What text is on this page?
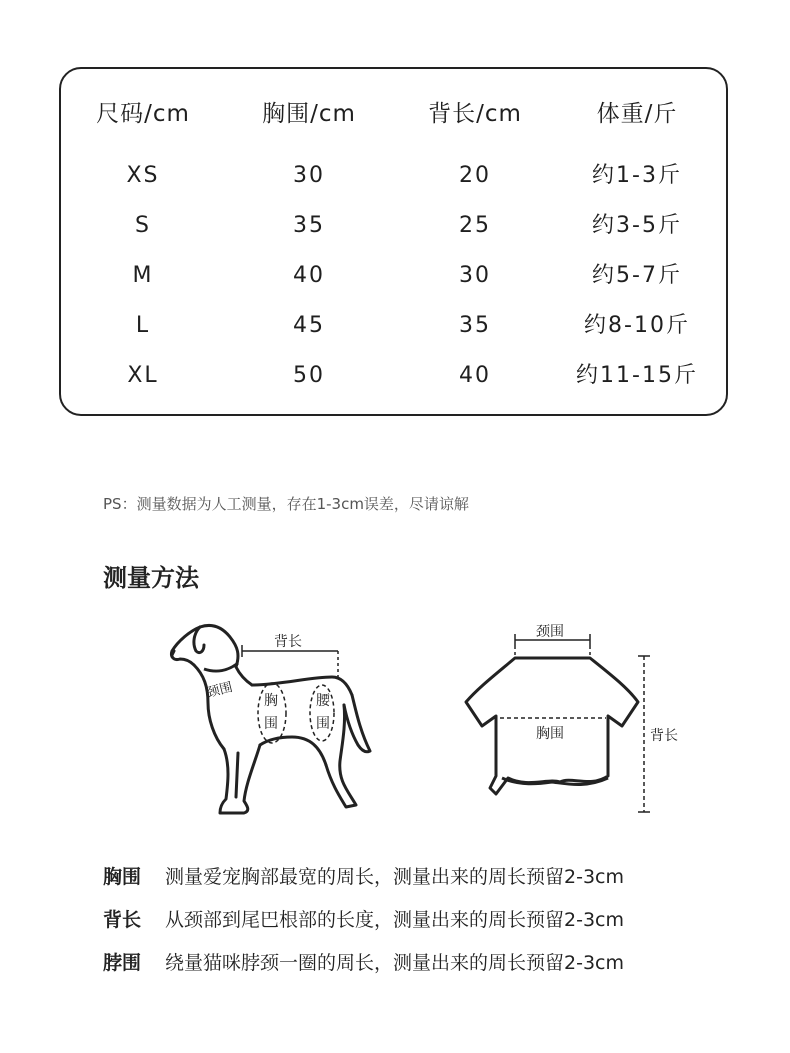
尺码/cm	胸围/cm	背长/cm	体重/斤
XS	30	20	约1-3斤
S	35	25	约3-5斤
M	40	30	约5-7斤
L	45	35	约8-10斤
XL	50	40	约11-15斤
PS：测量数据为人工测量，存在1-3cm误差，尽请谅解
测量方法
背长
颈围
胸
围
腰
围
颈围
胸围	背长
胸围 测量爱宠胸部最宽的周长，测量出来的周长预留2-3cm
背长 从颈部到尾巴根部的长度，测量出来的周长预留2-3cm
脖围 绕量猫咪脖颈一圈的周长，测量出来的周长预留2-3cm
